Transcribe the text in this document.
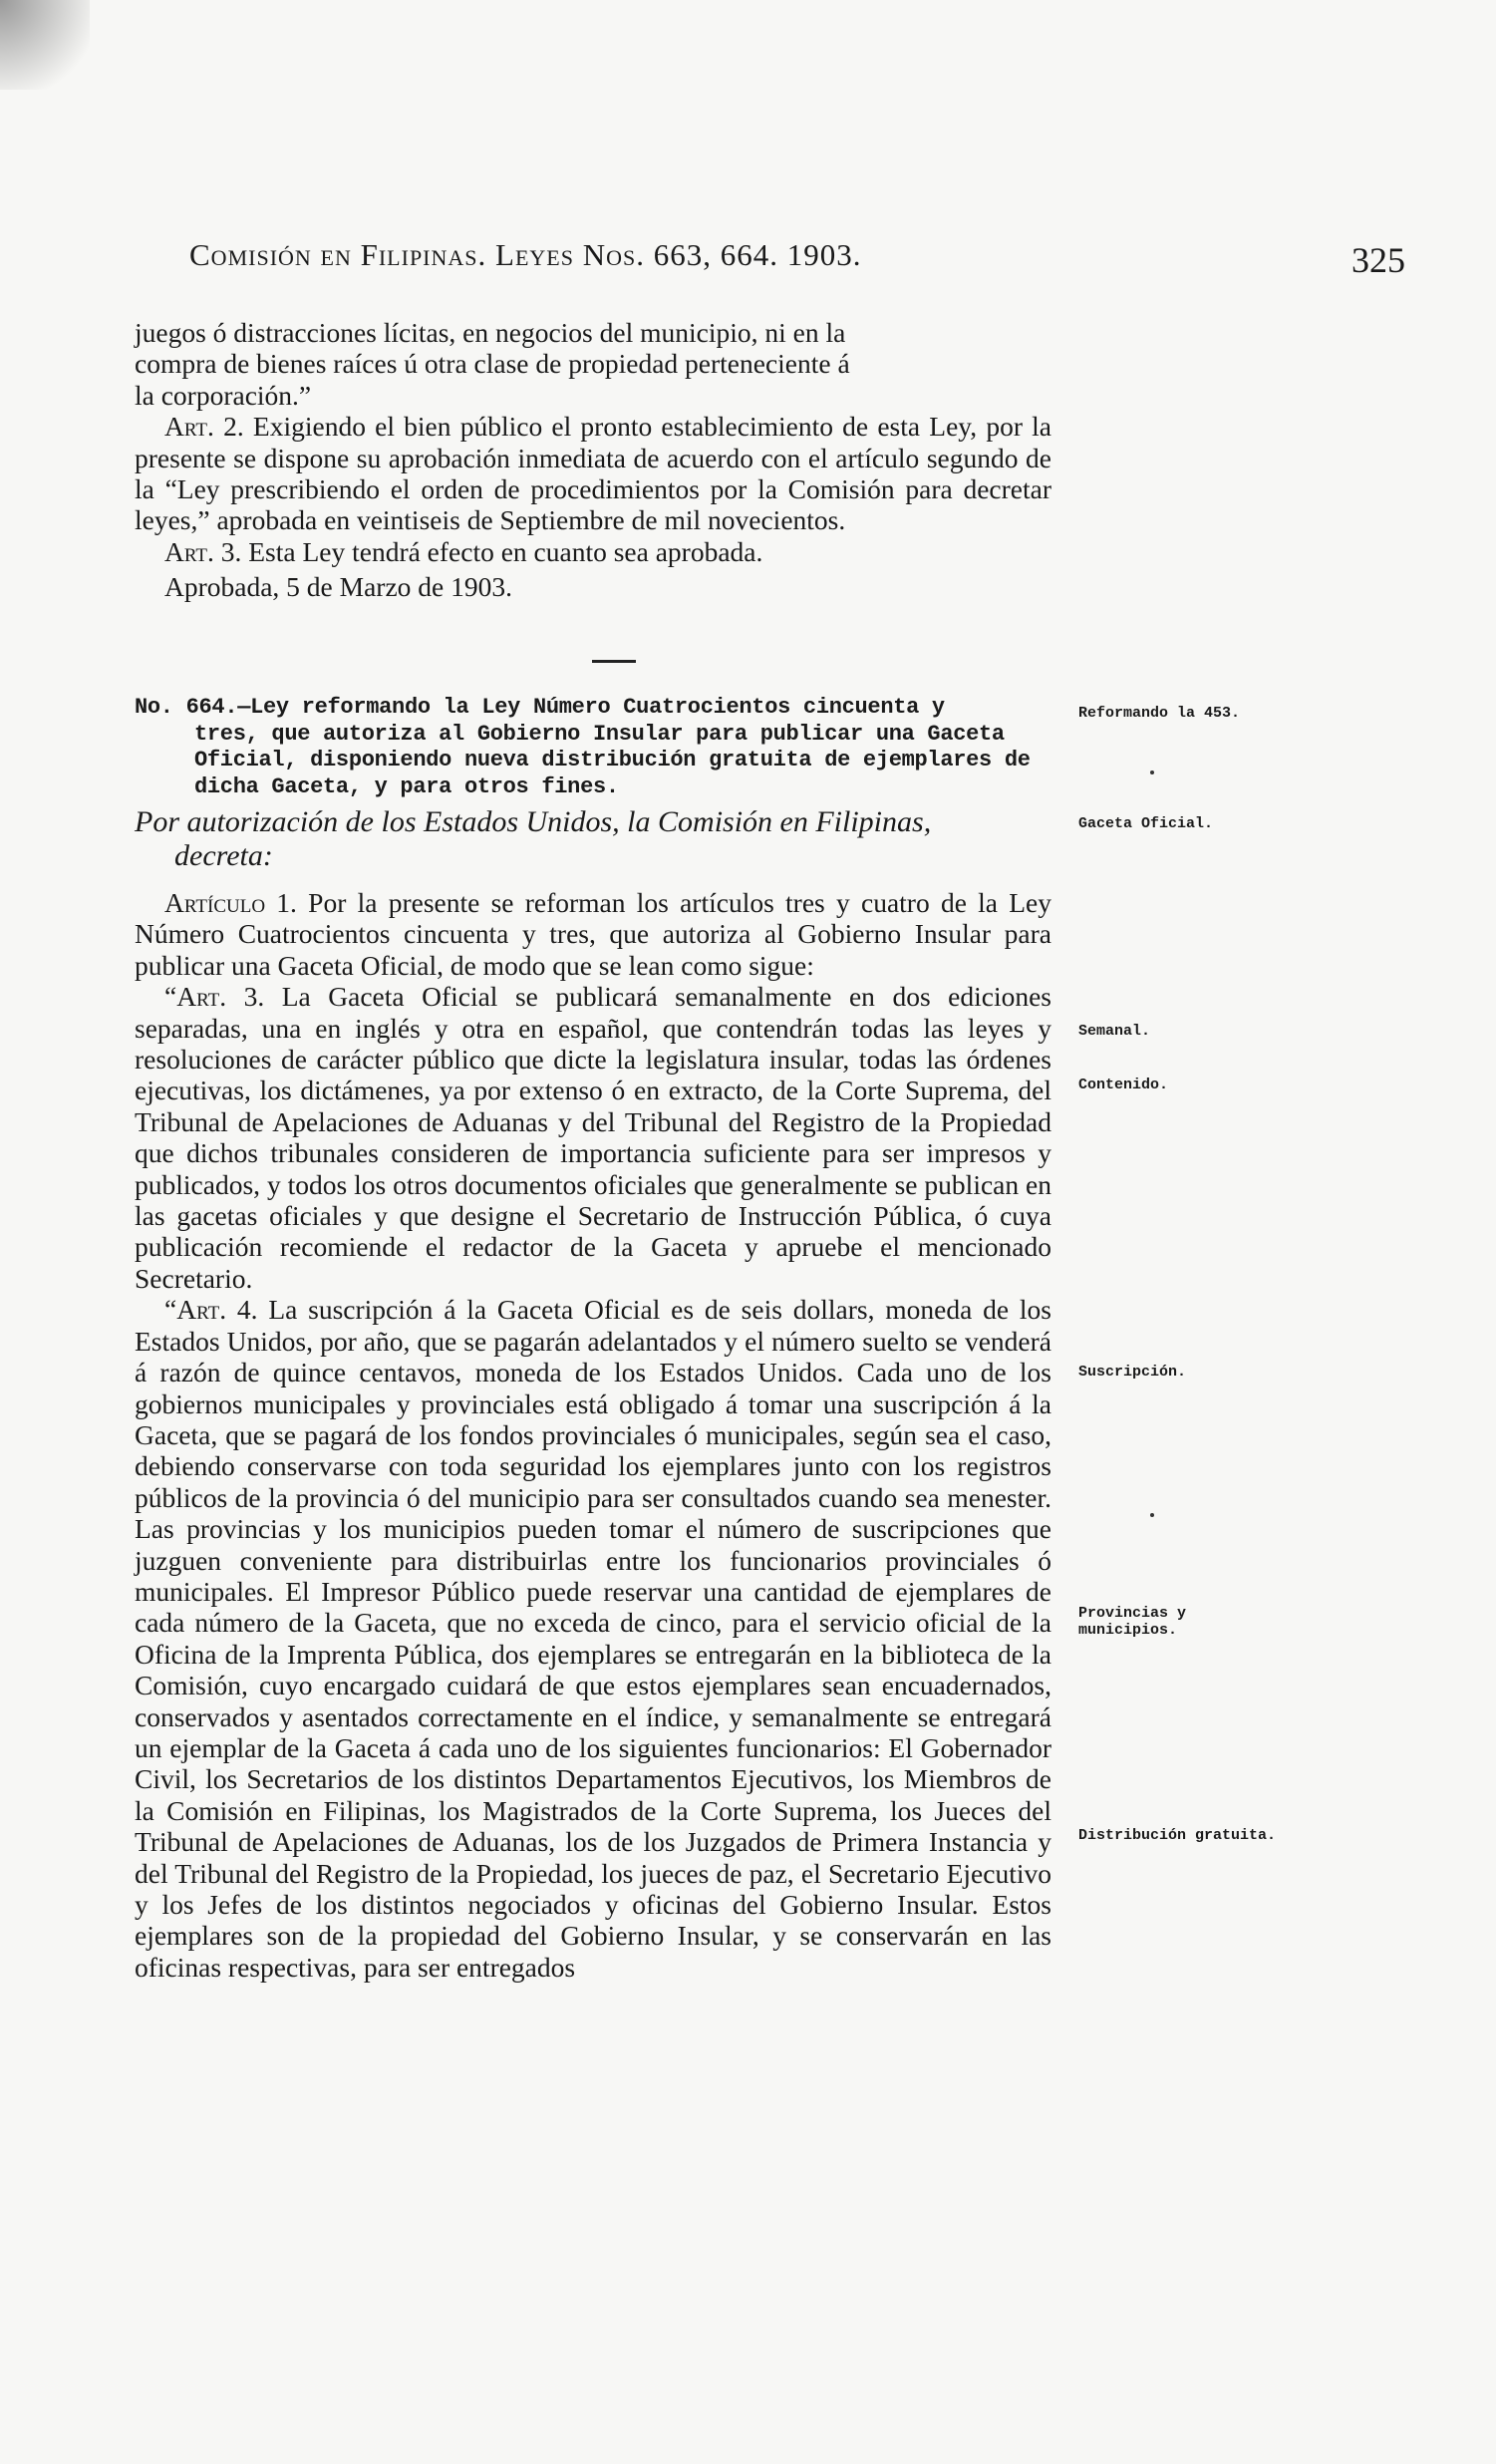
Comisión en Filipinas. Leyes Nos. 663, 664. 1903.	325

juegos ó distracciones lícitas, en negocios del municipio, ni en la

compra de bienes raíces ú otra clase de propiedad perteneciente á

la corporación.”

Art. 2. Exigiendo el bien público el pronto establecimiento de esta Ley, por la presente se dispone su aprobación inmediata de acuerdo con el artículo segundo de la “Ley prescribiendo el orden de procedimientos por la Comisión para decretar leyes,” aprobada en veintiseis de Septiembre de mil novecientos.

Art. 3. Esta Ley tendrá efecto en cuanto sea aprobada.

Aprobada, 5 de Marzo de 1903.

No. 664.—Ley reformando la Ley Número Cuatrocientos cincuenta y
tres, que autoriza al Gobierno Insular para publicar una Gaceta Oficial, disponiendo nueva distribución gratuita de ejemplares de dicha Gaceta, y para otros fines.
Por autorización de los Estados Unidos, la Comisión en Filipinas,
decreta:

Artículo 1. Por la presente se reforman los artículos tres y cuatro de la Ley Número Cuatrocientos cincuenta y tres, que autoriza al Gobierno Insular para publicar una Gaceta Oficial, de modo que se lean como sigue:

“Art. 3. La Gaceta Oficial se publicará semanalmente en dos ediciones separadas, una en inglés y otra en español, que contendrán todas las leyes y resoluciones de carácter público que dicte la legislatura insular, todas las órdenes ejecutivas, los dictámenes, ya por extenso ó en extracto, de la Corte Suprema, del Tribunal de Apelaciones de Aduanas y del Tribunal del Registro de la Propiedad que dichos tribunales consideren de importancia suficiente para ser impresos y publicados, y todos los otros documentos oficiales que generalmente se publican en las gacetas oficiales y que designe el Secretario de Instrucción Pública, ó cuya publicación recomiende el redactor de la Gaceta y apruebe el mencionado Secretario.

“Art. 4. La suscripción á la Gaceta Oficial es de seis dollars, moneda de los Estados Unidos, por año, que se pagarán adelantados y el número suelto se venderá á razón de quince centavos, moneda de los Estados Unidos. Cada uno de los gobiernos municipales y provinciales está obligado á tomar una suscripción á la Gaceta, que se pagará de los fondos provinciales ó municipales, según sea el caso, debiendo conservarse con toda seguridad los ejemplares junto con los registros públicos de la provincia ó del municipio para ser consultados cuando sea menester. Las provincias y los municipios pueden tomar el número de suscripciones que juzguen conveniente para distribuirlas entre los funcionarios provinciales ó municipales. El Impresor Público puede reservar una cantidad de ejemplares de cada número de la Gaceta, que no exceda de cinco, para el servicio oficial de la Oficina de la Imprenta Pública, dos ejemplares se entregarán en la biblioteca de la Comisión, cuyo encargado cuidará de que estos ejemplares sean encuadernados, conservados y asentados correctamente en el índice, y semanalmente se entregará un ejemplar de la Gaceta á cada uno de los siguientes funcionarios: El Gobernador Civil, los Secretarios de los distintos Departamentos Ejecutivos, los Miembros de la Comisión en Filipinas, los Magistrados de la Corte Suprema, los Jueces del Tribunal de Apelaciones de Aduanas, los de los Juzgados de Primera Instancia y del Tribunal del Registro de la Propiedad, los jueces de paz, el Secretario Ejecutivo y los Jefes de los distintos negociados y oficinas del Gobierno Insular. Estos ejemplares son de la propiedad del Gobierno Insular, y se conservarán en las oficinas respectivas, para ser entregados

Reformando la 453.
Gaceta Oficial.
Semanal.
Contenido.
Suscripción.
Provincias y municipios.
Distribución gratuita.
